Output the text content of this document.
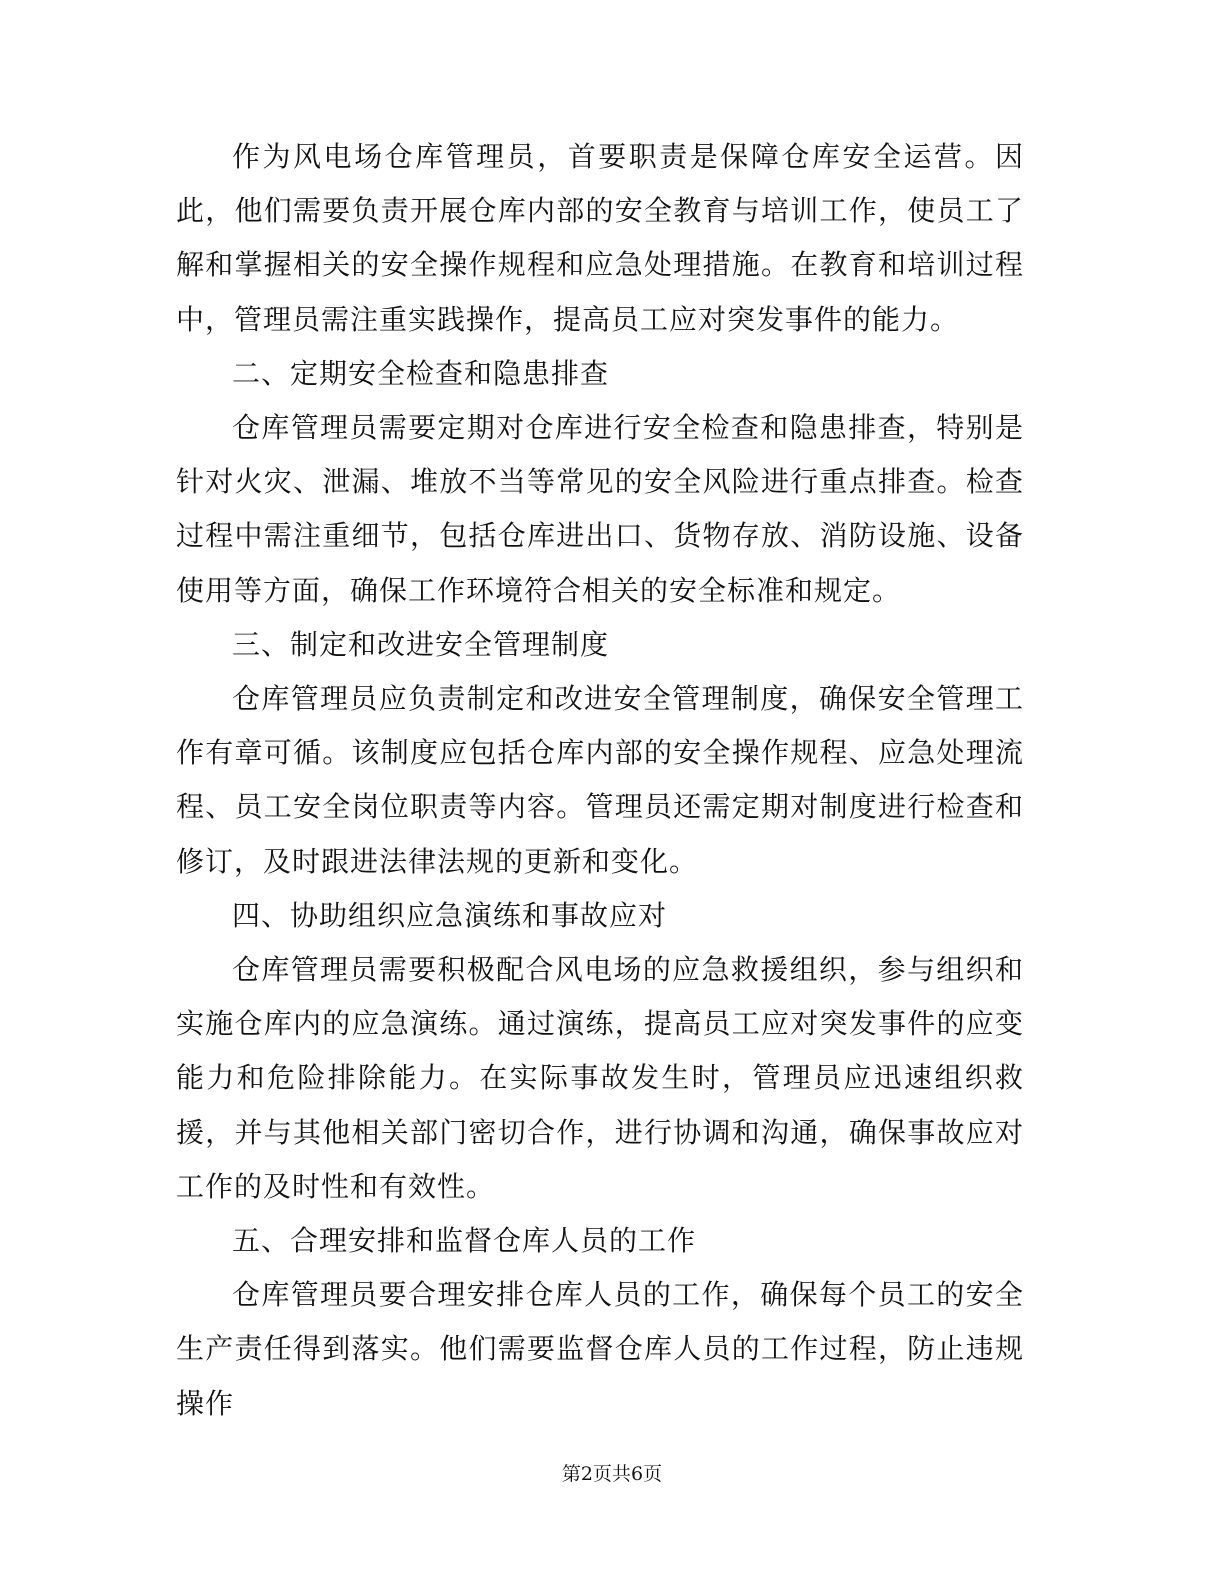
作为风电场仓库管理员，首要职责是保障仓库安全运营。因此，他们需要负责开展仓库内部的安全教育与培训工作，使员工了解和掌握相关的安全操作规程和应急处理措施。在教育和培训过程中，管理员需注重实践操作，提高员工应对突发事件的能力。

二、定期安全检查和隐患排查

仓库管理员需要定期对仓库进行安全检查和隐患排查，特别是针对火灾、泄漏、堆放不当等常见的安全风险进行重点排查。检查过程中需注重细节，包括仓库进出口、货物存放、消防设施、设备使用等方面，确保工作环境符合相关的安全标准和规定。

三、制定和改进安全管理制度

仓库管理员应负责制定和改进安全管理制度，确保安全管理工作有章可循。该制度应包括仓库内部的安全操作规程、应急处理流程、员工安全岗位职责等内容。管理员还需定期对制度进行检查和修订，及时跟进法律法规的更新和变化。

四、协助组织应急演练和事故应对

仓库管理员需要积极配合风电场的应急救援组织，参与组织和实施仓库内的应急演练。通过演练，提高员工应对突发事件的应变能力和危险排除能力。在实际事故发生时，管理员应迅速组织救援，并与其他相关部门密切合作，进行协调和沟通，确保事故应对工作的及时性和有效性。

五、合理安排和监督仓库人员的工作

仓库管理员要合理安排仓库人员的工作，确保每个员工的安全生产责任得到落实。他们需要监督仓库人员的工作过程，防止违规操作

第2页共6页
